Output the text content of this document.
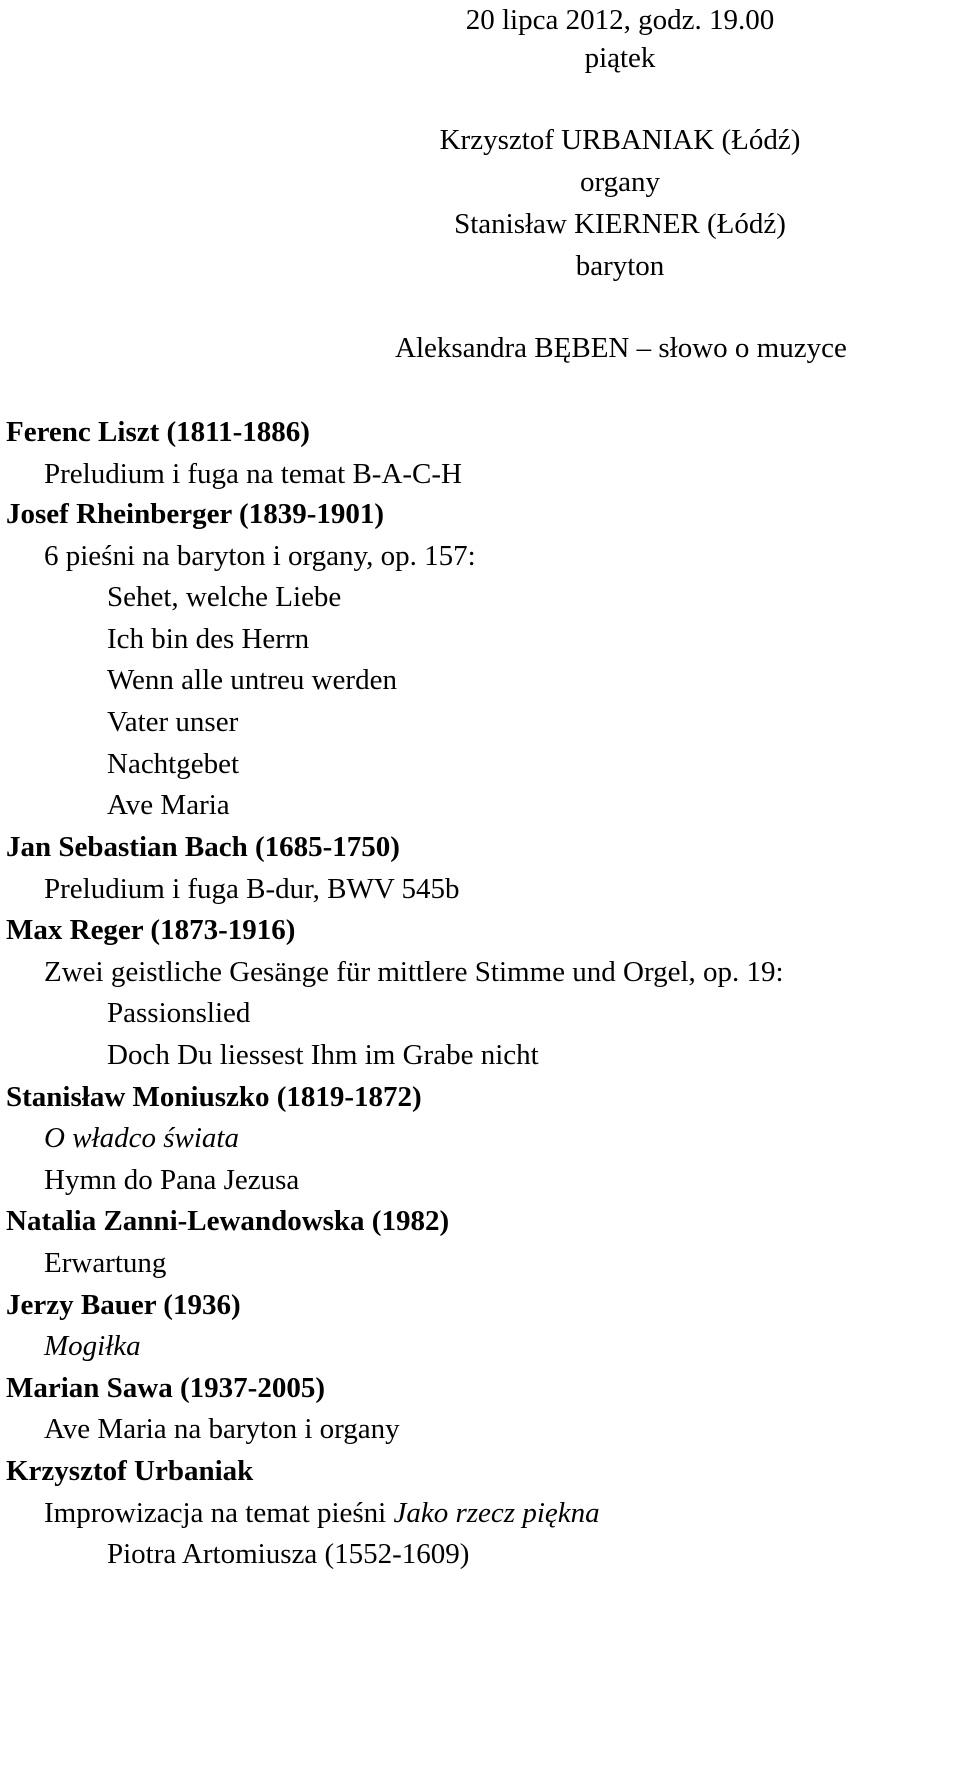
20 lipca 2012, godz. 19.00
piątek
Krzysztof URBANIAK (Łódź)
organy
Stanisław KIERNER (Łódź)
baryton
Aleksandra BĘBEN – słowo o muzyce
Ferenc Liszt (1811-1886)
Preludium i fuga na temat B-A-C-H
Josef Rheinberger (1839-1901)
6 pieśni na baryton i organy, op. 157:
Sehet, welche Liebe
Ich bin des Herrn
Wenn alle untreu werden
Vater unser
Nachtgebet
Ave Maria
Jan Sebastian Bach (1685-1750)
Preludium i fuga B-dur, BWV 545b
Max Reger (1873-1916)
Zwei geistliche Gesänge für mittlere Stimme und Orgel, op. 19:
Passionslied
Doch Du liessest Ihm im Grabe nicht
Stanisław Moniuszko (1819-1872)
O władco świata
Hymn do Pana Jezusa
Natalia Zanni-Lewandowska (1982)
Erwartung
Jerzy Bauer (1936)
Mogiłka
Marian Sawa (1937-2005)
Ave Maria na baryton i organy
Krzysztof Urbaniak
Improwizacja na temat pieśni Jako rzecz piękna
Piotra Artomiusza (1552-1609)
